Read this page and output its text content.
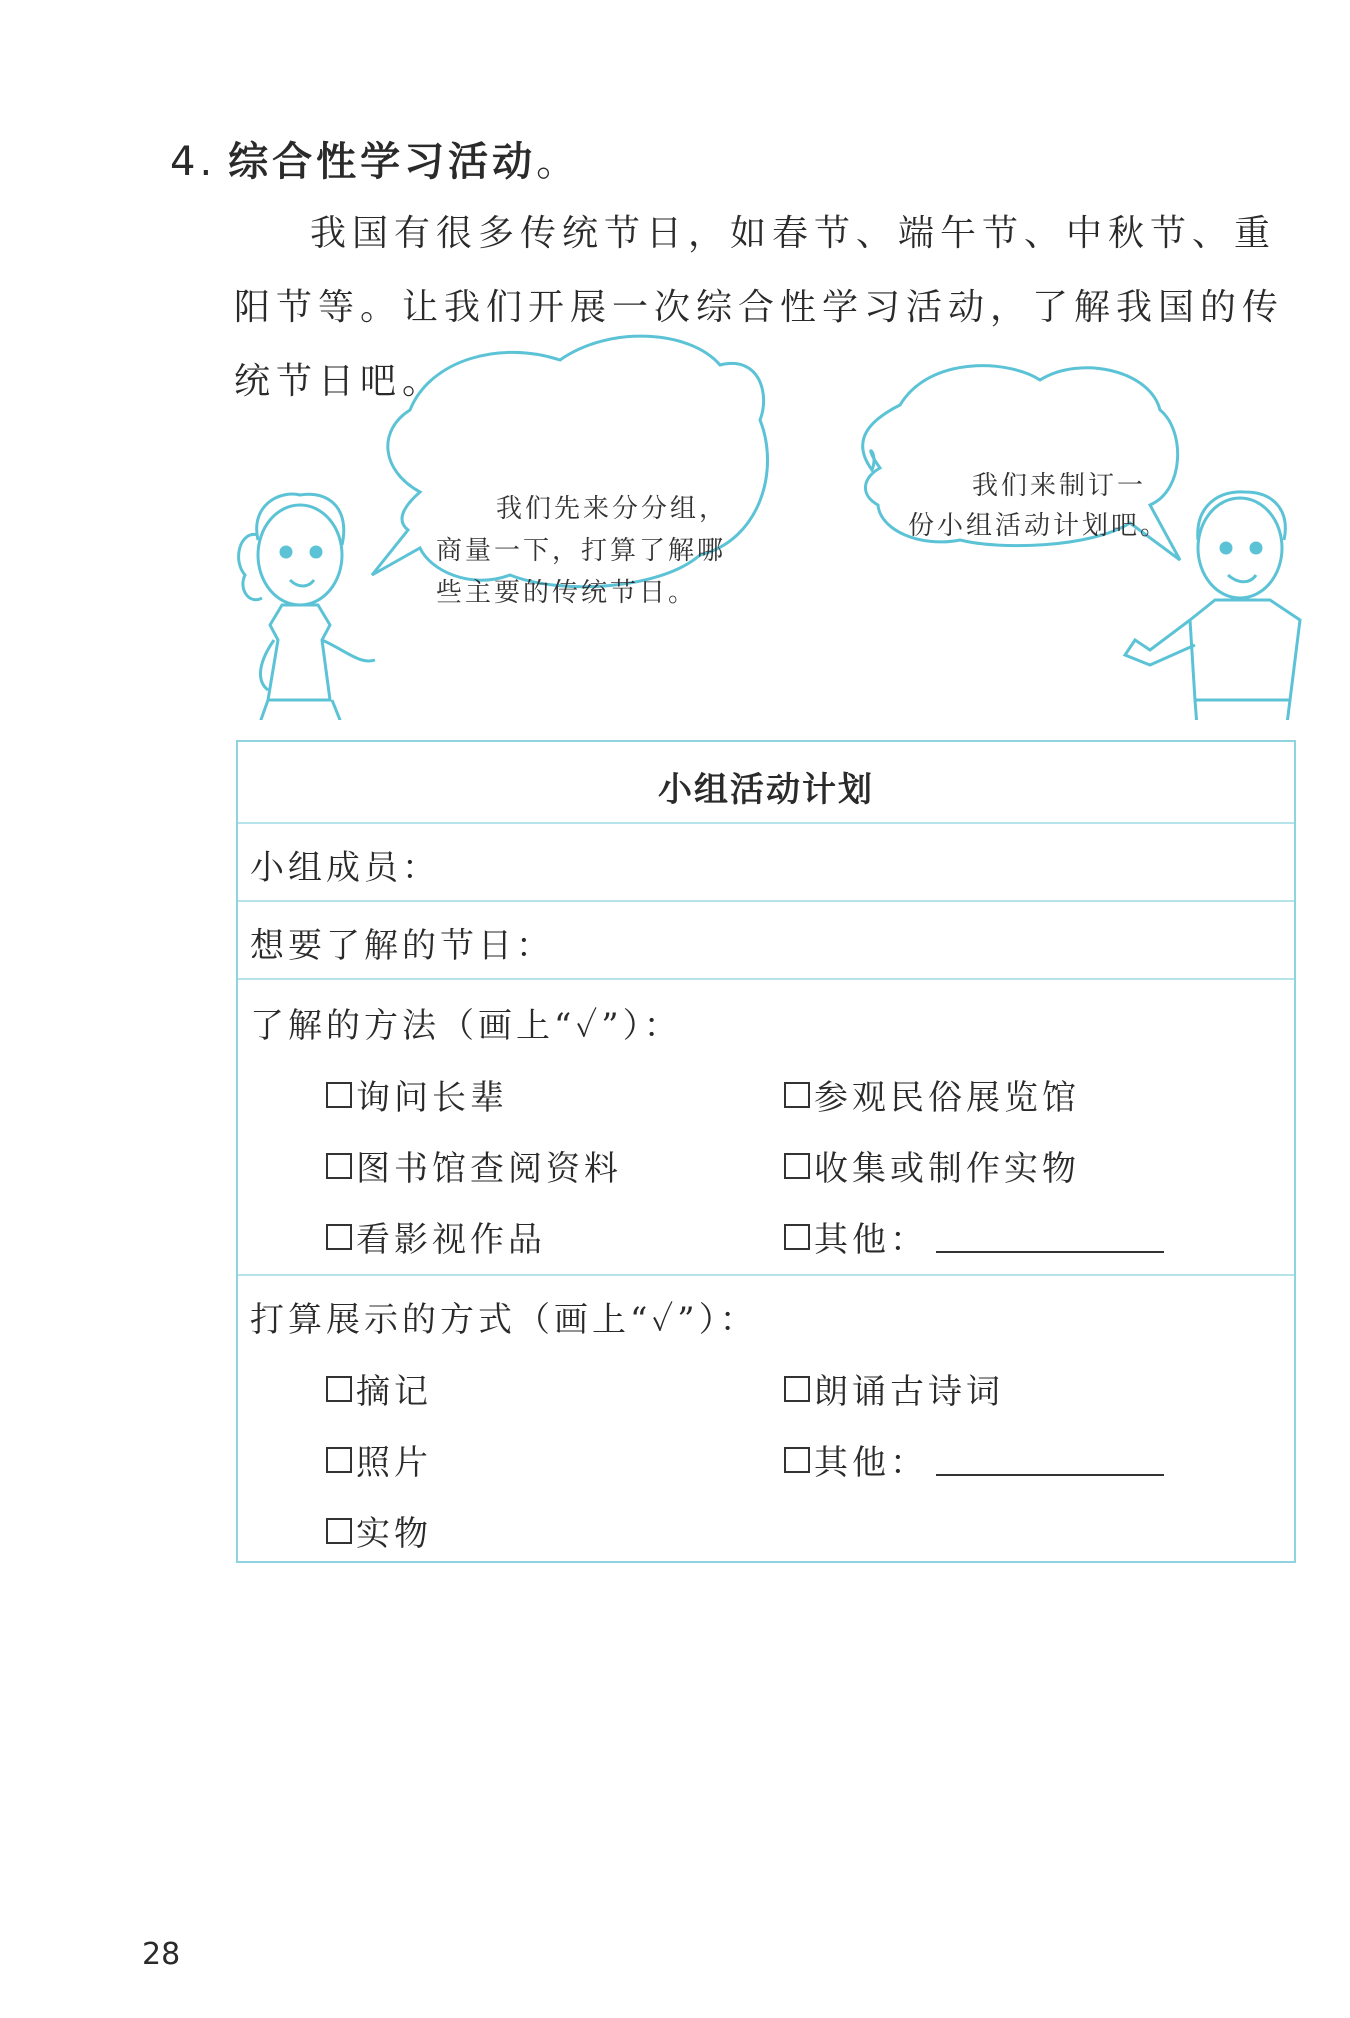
4. 综合性学习活动。
我国有很多传统节日，如春节、端午节、中秋节、重
阳节等。让我们开展一次综合性学习活动，了解我国的传
统节日吧。
我们先来分分组，
商量一下，打算了解哪
些主要的传统节日。
我们来制订一
份小组活动计划吧。
小组活动计划
小组成员：
想要了解的节日：
了解的方法（画上“✓”）：
询问长辈	参观民俗展览馆
图书馆查阅资料	收集或制作实物
看影视作品	其他：
打算展示的方式（画上“✓”）：
摘记	朗诵古诗词
照片	其他：
实物
28
